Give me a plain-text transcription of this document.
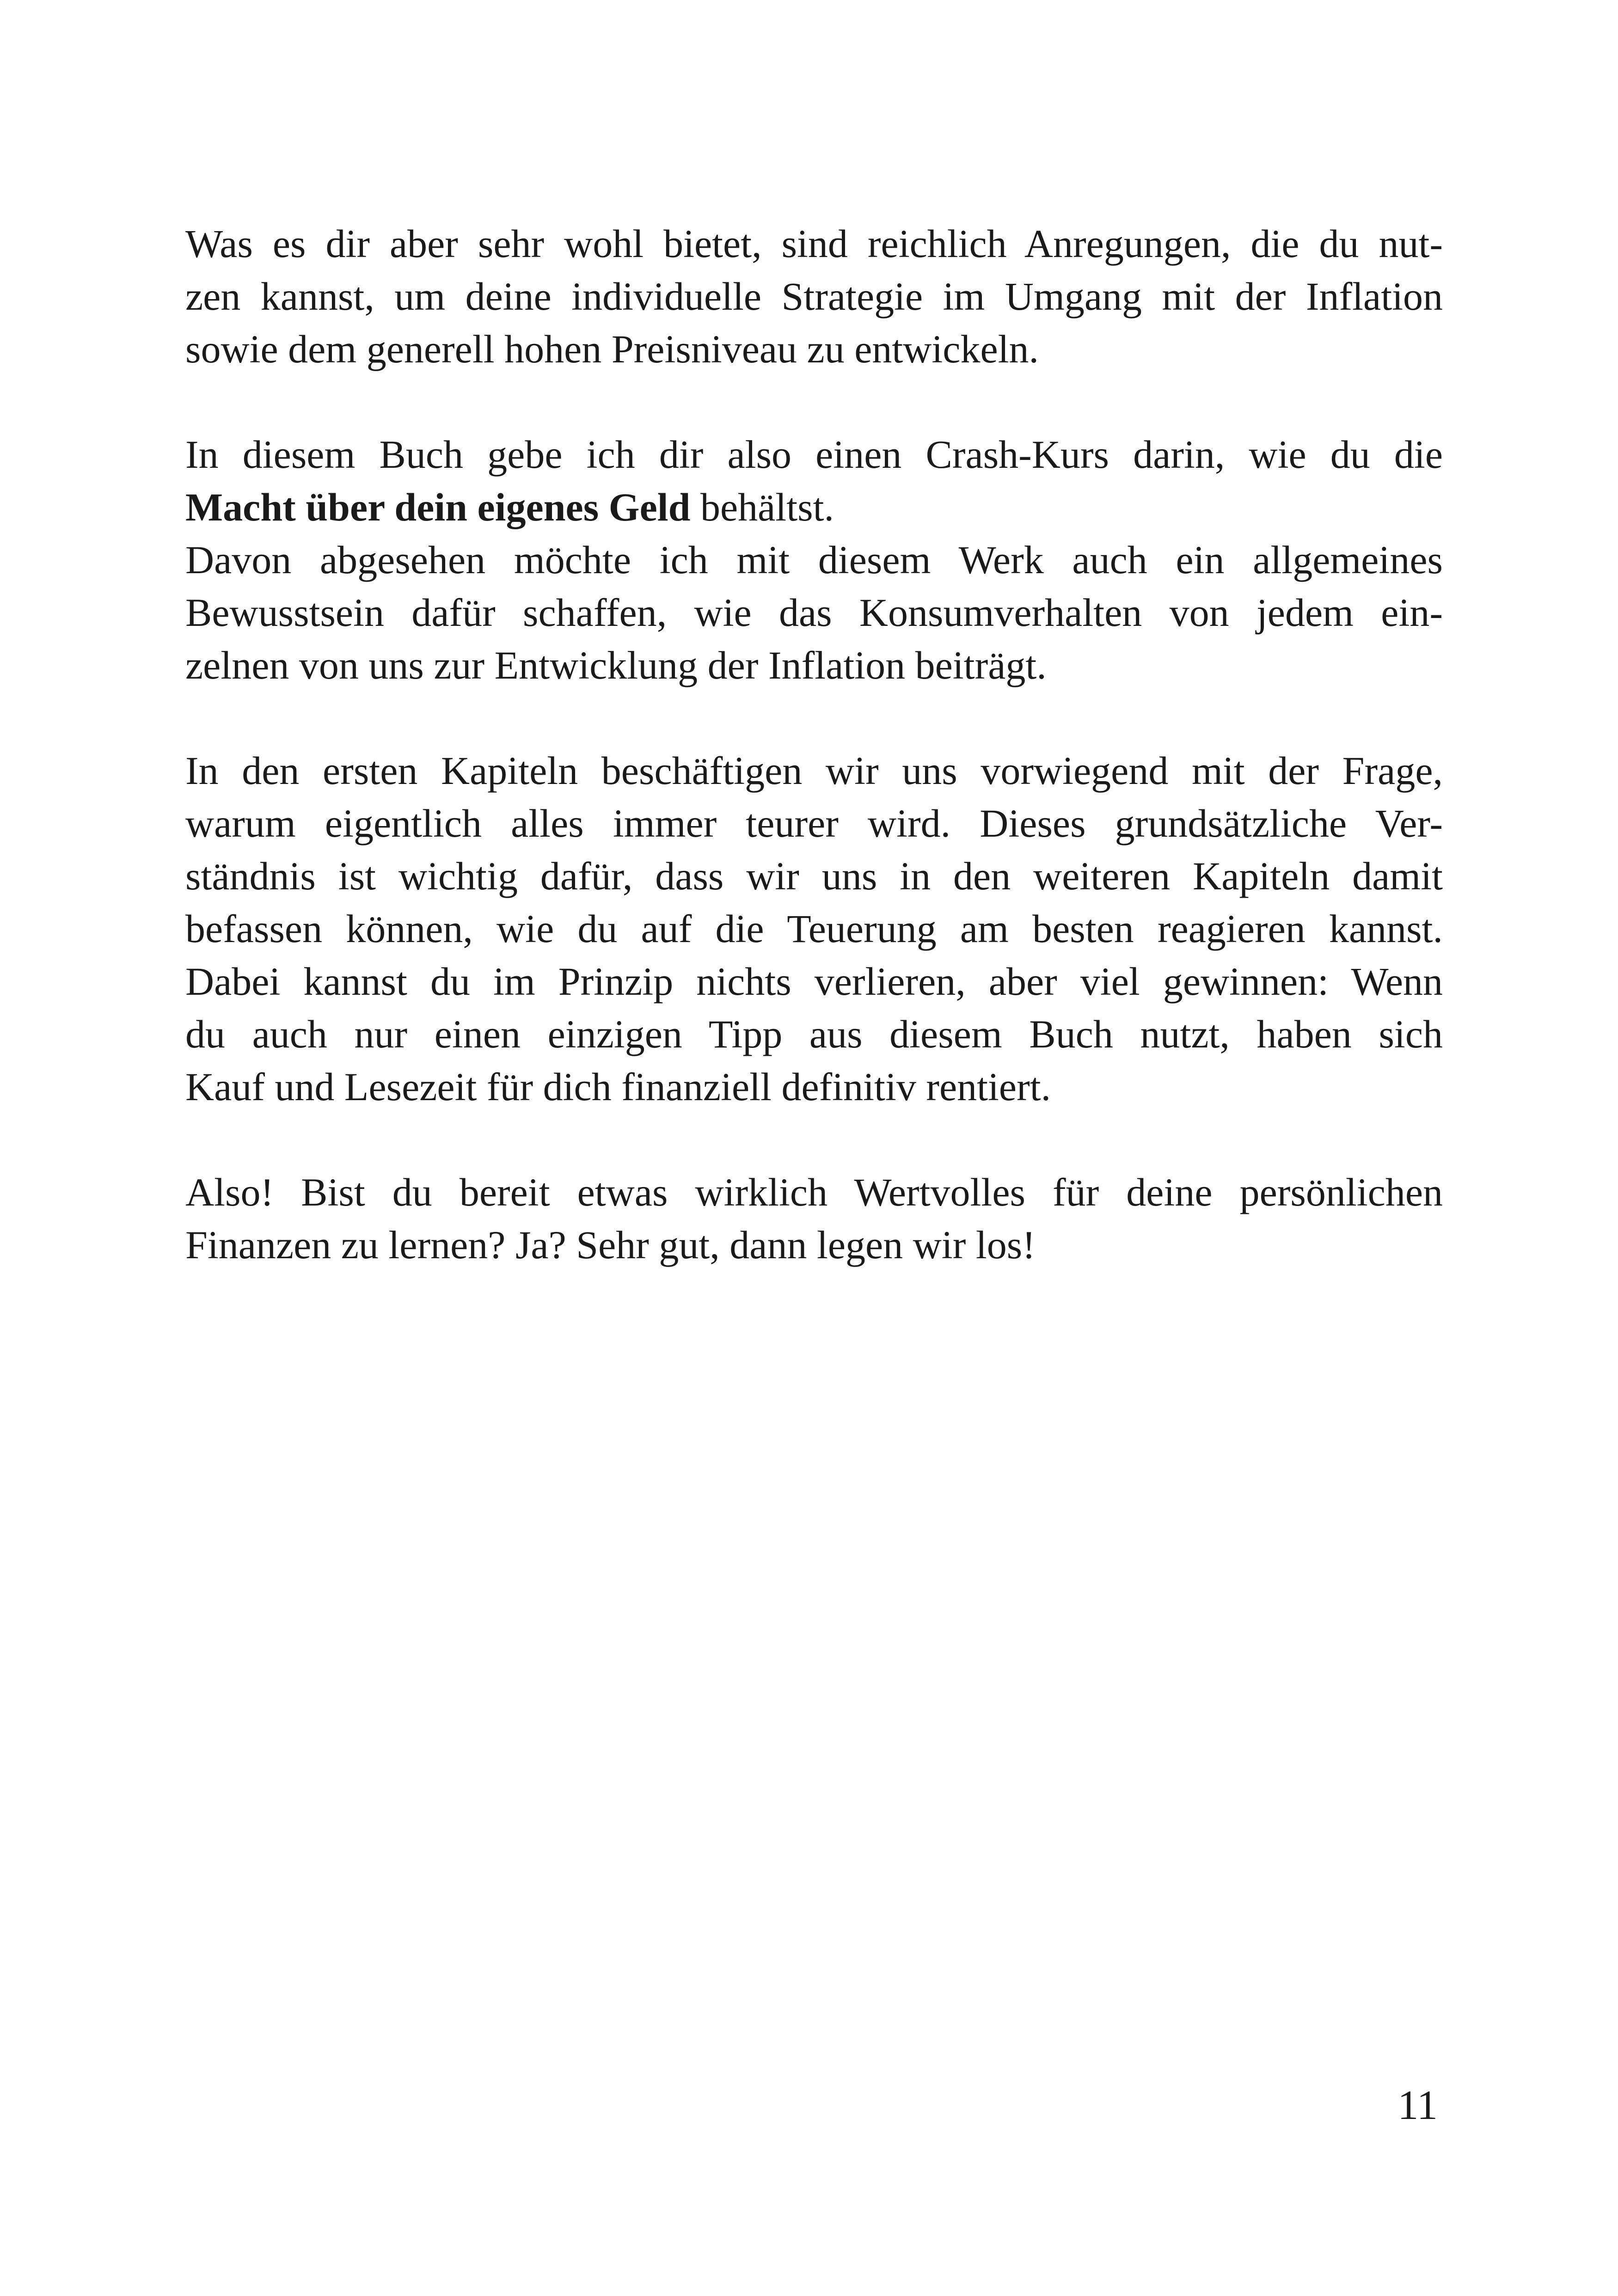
Was es dir aber sehr wohl bietet, sind reichlich Anregungen, die du nut-
zen kannst, um deine individuelle Strategie im Umgang mit der Inflation
sowie dem generell hohen Preisniveau zu entwickeln.
In diesem Buch gebe ich dir also einen Crash-Kurs darin, wie du die
Macht über dein eigenes Geld behältst.
Davon abgesehen möchte ich mit diesem Werk auch ein allgemeines
Bewusstsein dafür schaffen, wie das Konsumverhalten von jedem ein-
zelnen von uns zur Entwicklung der Inflation beiträgt.
In den ersten Kapiteln beschäftigen wir uns vorwiegend mit der Frage,
warum eigentlich alles immer teurer wird. Dieses grundsätzliche Ver-
ständnis ist wichtig dafür, dass wir uns in den weiteren Kapiteln damit
befassen können, wie du auf die Teuerung am besten reagieren kannst.
Dabei kannst du im Prinzip nichts verlieren, aber viel gewinnen: Wenn
du auch nur einen einzigen Tipp aus diesem Buch nutzt, haben sich
Kauf und Lesezeit für dich finanziell definitiv rentiert.
Also! Bist du bereit etwas wirklich Wertvolles für deine persönlichen
Finanzen zu lernen? Ja? Sehr gut, dann legen wir los!
11
